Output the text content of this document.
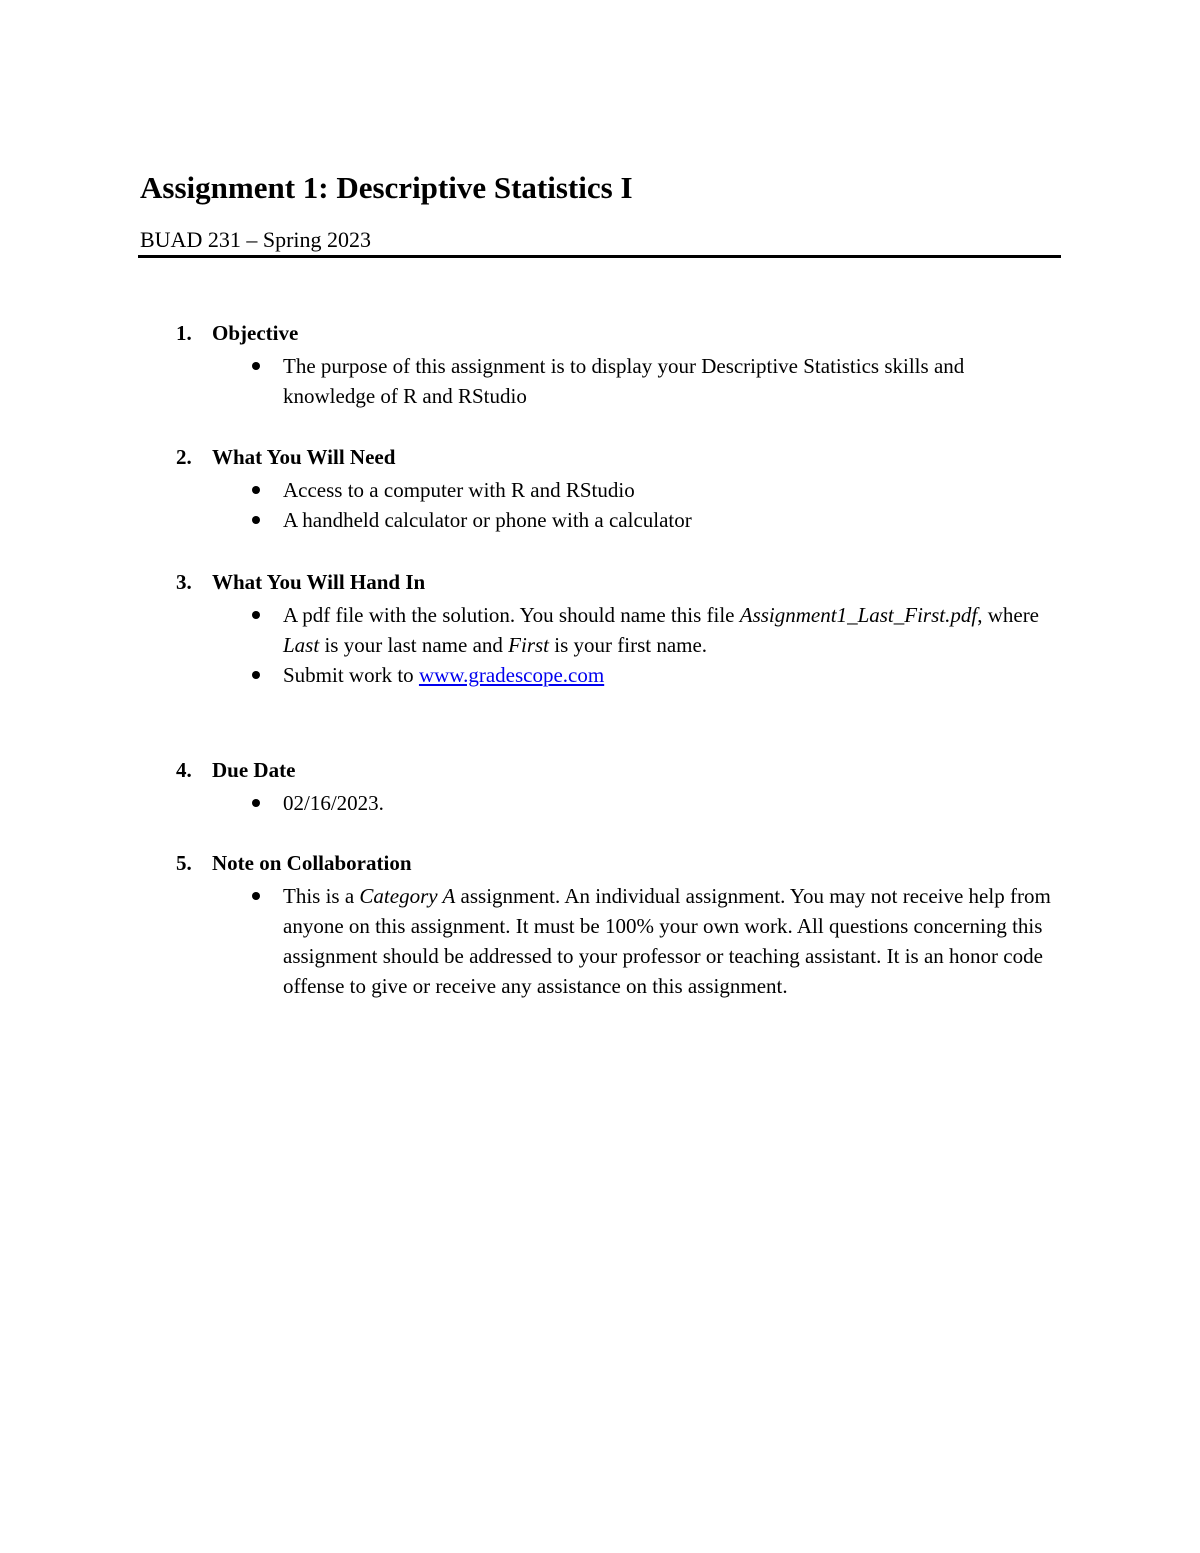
Assignment 1: Descriptive Statistics I

BUAD 231 – Spring 2023

1. Objective
The purpose of this assignment is to display your Descriptive Statistics skills and knowledge of R and RStudio
2. What You Will Need
Access to a computer with R and RStudio
A handheld calculator or phone with a calculator
3. What You Will Hand In
A pdf file with the solution. You should name this file Assignment1_Last_First.pdf, where Last is your last name and First is your first name.
Submit work to www.gradescope.com
4. Due Date
02/16/2023.
5. Note on Collaboration
This is a Category A assignment. An individual assignment. You may not receive help from anyone on this assignment. It must be 100% your own work. All questions concerning this assignment should be addressed to your professor or teaching assistant. It is an honor code offense to give or receive any assistance on this assignment.
